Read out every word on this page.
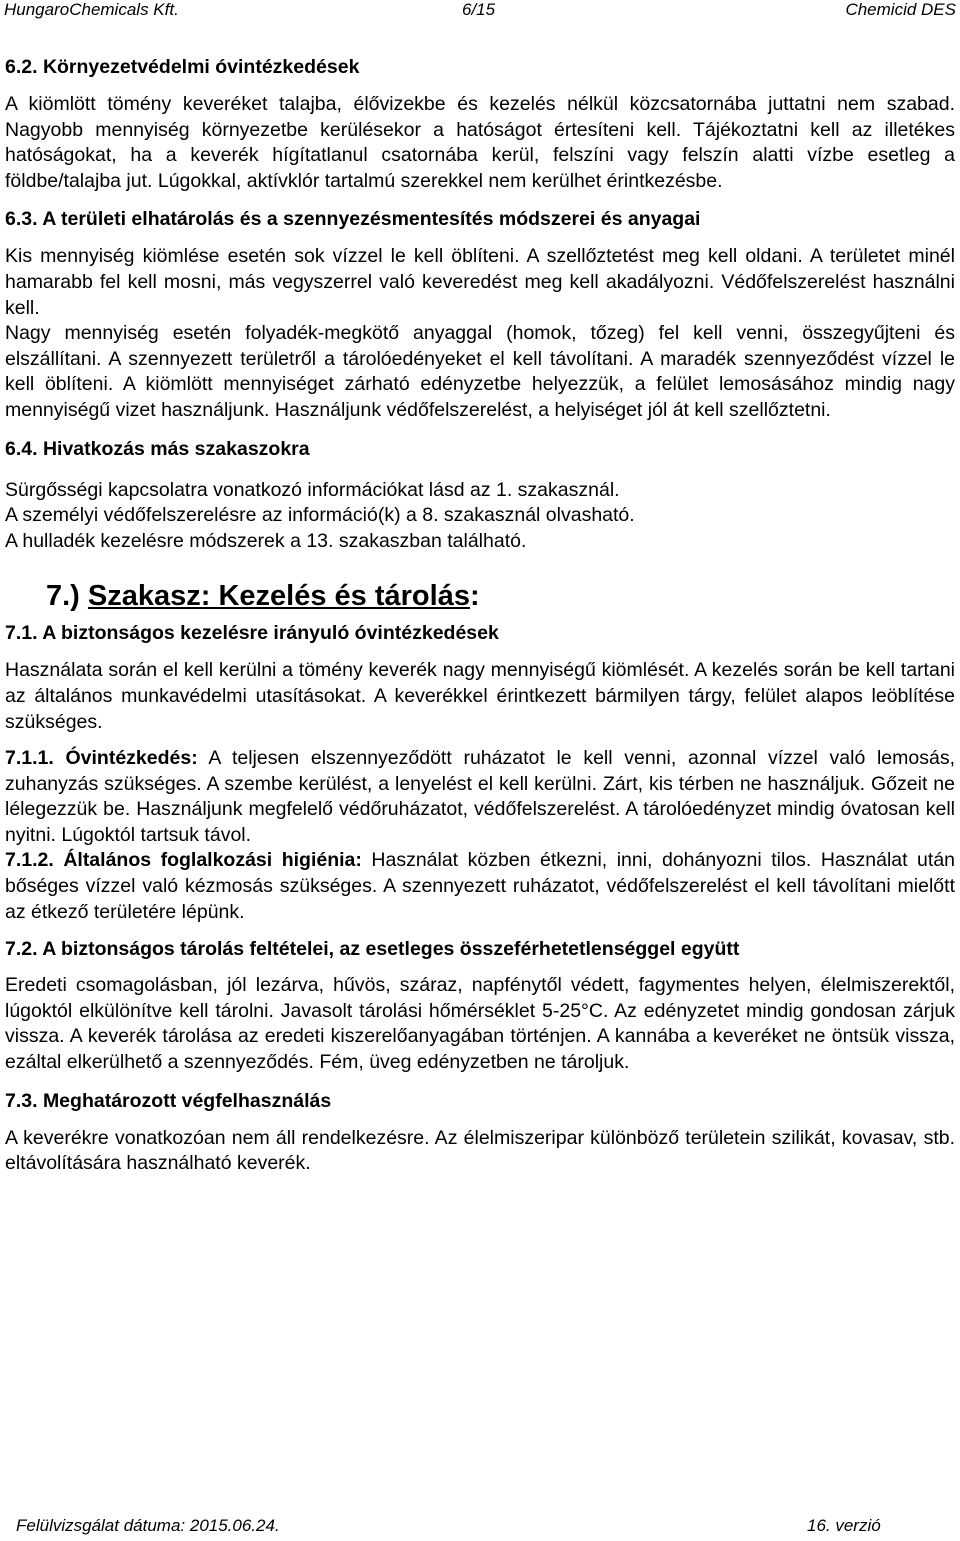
HungaroChemicals Kft.	6/15	Chemicid DES

6.2. Környezetvédelmi óvintézkedések

A kiömlött tömény keveréket talajba, élővizekbe és kezelés nélkül közcsatornába juttatni nem szabad. Nagyobb mennyiség környezetbe kerülésekor a hatóságot értesíteni kell. Tájékoztatni kell az illetékes hatóságokat, ha a keverék hígítatlanul csatornába kerül, felszíni vagy felszín alatti vízbe esetleg a földbe/talajba jut. Lúgokkal, aktívklór tartalmú szerekkel nem kerülhet érintkezésbe.

6.3. A területi elhatárolás és a szennyezésmentesítés módszerei és anyagai

Kis mennyiség kiömlése esetén sok vízzel le kell öblíteni. A szellőztetést meg kell oldani. A területet minél hamarabb fel kell mosni, más vegyszerrel való keveredést meg kell akadályozni. Védőfelszerelést használni kell.

Nagy mennyiség esetén folyadék-megkötő anyaggal (homok, tőzeg) fel kell venni, összegyűjteni és elszállítani. A szennyezett területről a tárolóedényeket el kell távolítani. A maradék szennyeződést vízzel le kell öblíteni. A kiömlött mennyiséget zárható edényzetbe helyezzük, a felület lemosásához mindig nagy mennyiségű vizet használjunk. Használjunk védőfelszerelést, a helyiséget jól át kell szellőztetni.

6.4. Hivatkozás más szakaszokra

Sürgősségi kapcsolatra vonatkozó információkat lásd az 1. szakasznál.

A személyi védőfelszerelésre az információ(k) a 8. szakasznál olvasható.

A hulladék kezelésre módszerek a 13. szakaszban található.

7.) Szakasz: Kezelés és tárolás:

7.1. A biztonságos kezelésre irányuló óvintézkedések

Használata során el kell kerülni a tömény keverék nagy mennyiségű kiömlését. A kezelés során be kell tartani az általános munkavédelmi utasításokat. A keverékkel érintkezett bármilyen tárgy, felület alapos leöblítése szükséges.

7.1.1. Óvintézkedés: A teljesen elszennyeződött ruházatot le kell venni, azonnal vízzel való lemosás, zuhanyzás szükséges. A szembe kerülést, a lenyelést el kell kerülni. Zárt, kis térben ne használjuk. Gőzeit ne lélegezzük be. Használjunk megfelelő védőruházatot, védőfelszerelést. A tárolóedényzet mindig óvatosan kell nyitni. Lúgoktól tartsuk távol.

7.1.2. Általános foglalkozási higiénia: Használat közben étkezni, inni, dohányozni tilos. Használat után bőséges vízzel való kézmosás szükséges. A szennyezett ruházatot, védőfelszerelést el kell távolítani mielőtt az étkező területére lépünk.

7.2. A biztonságos tárolás feltételei, az esetleges összeférhetetlenséggel együtt

Eredeti csomagolásban, jól lezárva, hűvös, száraz, napfénytől védett, fagymentes helyen, élelmiszerektől, lúgoktól elkülönítve kell tárolni. Javasolt tárolási hőmérséklet 5-25°C. Az edényzetet mindig gondosan zárjuk vissza. A keverék tárolása az eredeti kiszerelőanyagában történjen. A kannába a keveréket ne öntsük vissza, ezáltal elkerülhető a szennyeződés. Fém, üveg edényzetben ne tároljuk.

7.3. Meghatározott végfelhasználás

A keverékre vonatkozóan nem áll rendelkezésre. Az élelmiszeripar különböző területein szilikát, kovasav, stb. eltávolítására használható keverék.

Felülvizsgálat dátuma: 2015.06.24.	16. verzió
